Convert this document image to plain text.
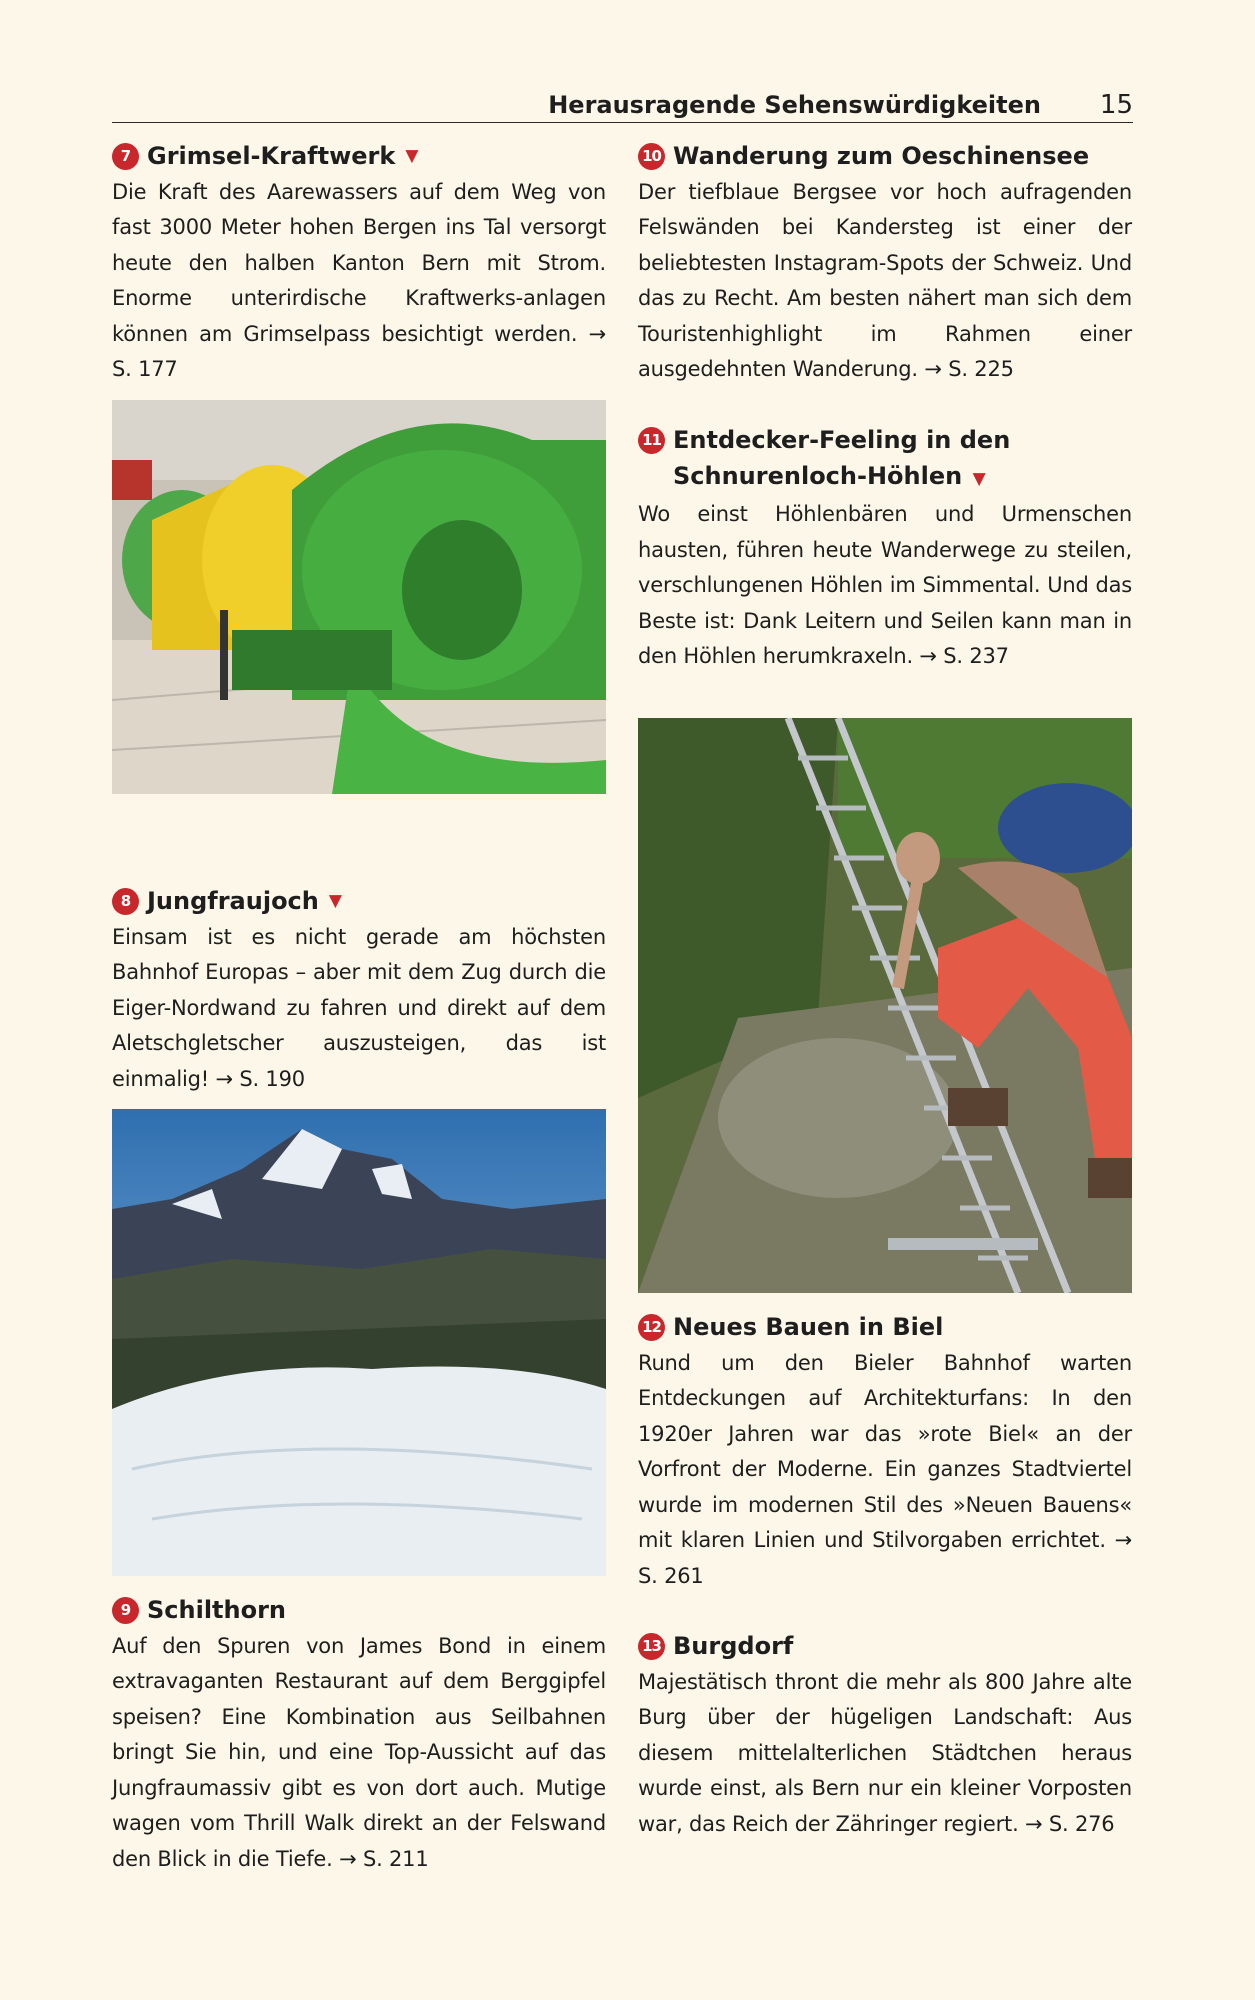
Herausragende Sehenswürdigkeiten 15
7 Grimsel-Kraftwerk ▼

Die Kraft des Aarewassers auf dem Weg von fast 3000 Meter hohen Bergen ins Tal versorgt heute den halben Kanton Bern mit Strom. Enorme unterirdische Kraftwerks-anlagen können am Grimselpass besichtigt werden. → S. 177

8 Jungfraujoch ▼

Einsam ist es nicht gerade am höchsten Bahnhof Europas – aber mit dem Zug durch die Eiger-Nordwand zu fahren und direkt auf dem Aletschgletscher auszusteigen, das ist einmalig! → S. 190

9 Schilthorn

Auf den Spuren von James Bond in einem extravaganten Restaurant auf dem Berggipfel speisen? Eine Kombination aus Seilbahnen bringt Sie hin, und eine Top-Aussicht auf das Jungfraumassiv gibt es von dort auch. Mutige wagen vom Thrill Walk direkt an der Felswand den Blick in die Tiefe. → S. 211

10 Wanderung zum Oeschinensee

Der tiefblaue Bergsee vor hoch aufragenden Felswänden bei Kandersteg ist einer der beliebtesten Instagram-Spots der Schweiz. Und das zu Recht. Am besten nähert man sich dem Touristenhighlight im Rahmen einer ausgedehnten Wanderung. → S. 225

11 Entdecker-Feeling in den
Schnurenloch-Höhlen ▼

Wo einst Höhlenbären und Urmenschen hausten, führen heute Wanderwege zu steilen, verschlungenen Höhlen im Simmental. Und das Beste ist: Dank Leitern und Seilen kann man in den Höhlen herumkraxeln. → S. 237

12 Neues Bauen in Biel

Rund um den Bieler Bahnhof warten Entdeckungen auf Architekturfans: In den 1920er Jahren war das »rote Biel« an der Vorfront der Moderne. Ein ganzes Stadtviertel wurde im modernen Stil des »Neuen Bauens« mit klaren Linien und Stilvorgaben errichtet. → S. 261

13 Burgdorf

Majestätisch thront die mehr als 800 Jahre alte Burg über der hügeligen Landschaft: Aus diesem mittelalterlichen Städtchen heraus wurde einst, als Bern nur ein kleiner Vorposten war, das Reich der Zähringer regiert. → S. 276
